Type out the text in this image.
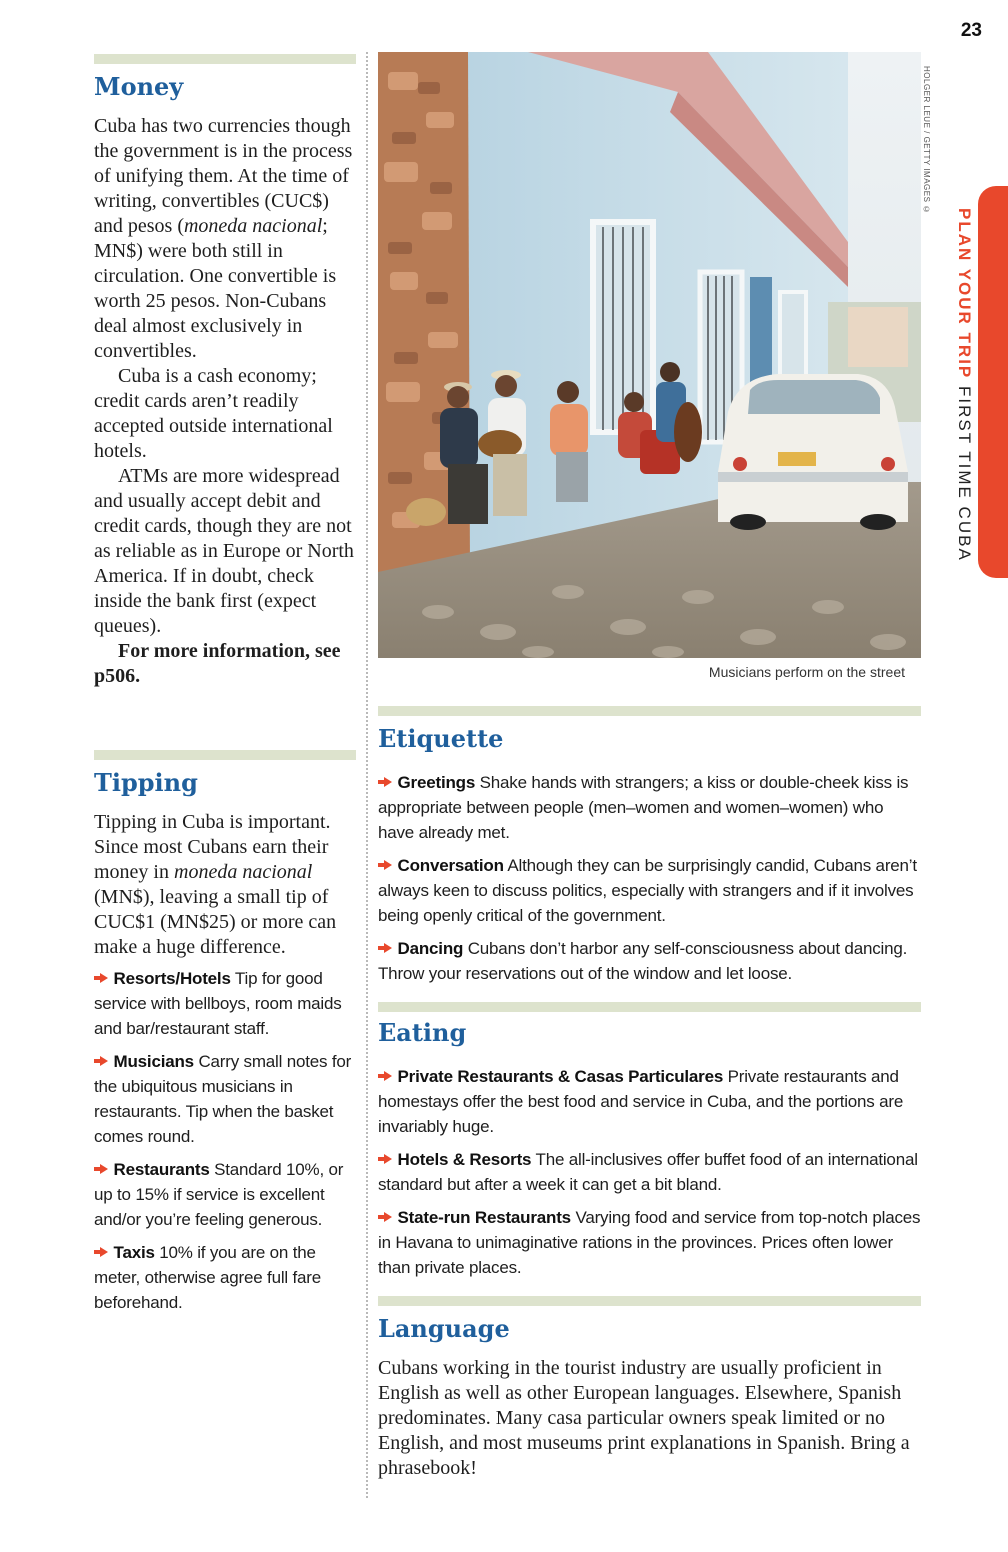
23
PLAN YOUR TRIP FIRST TIME CUBA
HOLGER LEUE / GETTY IMAGES ©
Money

Cuba has two currencies though the government is in the process of unifying them. At the time of writing, convertibles (CUC$) and pesos (moneda nacional; MN$) were both still in circulation. One convertible is worth 25 pesos. Non-Cubans deal almost exclusively in convertibles.

Cuba is a cash economy; credit cards aren’t readily accepted outside international hotels.

ATMs are more widespread and usually accept debit and credit cards, though they are not as reliable as in Europe or North America. If in doubt, check inside the bank first (expect queues).

For more information, see p506.

Tipping

Tipping in Cuba is important. Since most Cubans earn their money in moneda nacional (MN$), leaving a small tip of CUC$1 (MN$25) or more can make a huge difference.

Resorts/Hotels Tip for good service with bellboys, room maids and bar/restaurant staff.

Musicians Carry small notes for the ubiquitous musicians in restaurants. Tip when the basket comes round.

Restaurants Standard 10%, or up to 15% if service is excellent and/or you’re feeling generous.

Taxis 10% if you are on the meter, otherwise agree full fare beforehand.

Musicians perform on the street
Etiquette

Greetings Shake hands with strangers; a kiss or double-cheek kiss is appropriate between people (men–women and women–women) who have already met.

Conversation Although they can be surprisingly candid, Cubans aren’t always keen to discuss politics, especially with strangers and if it involves being openly critical of the government.

Dancing Cubans don’t harbor any self-consciousness about dancing. Throw your reservations out of the window and let loose.

Eating

Private Restaurants & Casas Particulares Private restaurants and homestays offer the best food and service in Cuba, and the portions are invariably huge.

Hotels & Resorts The all-inclusives offer buffet food of an international standard but after a week it can get a bit bland.

State-run Restaurants Varying food and service from top-notch places in Havana to unimaginative rations in the provinces. Prices often lower than private places.

Language

Cubans working in the tourist industry are usually proficient in English as well as other European languages. Elsewhere, Spanish predominates. Many casa particular owners speak limited or no English, and most museums print explanations in Spanish. Bring a phrasebook!
